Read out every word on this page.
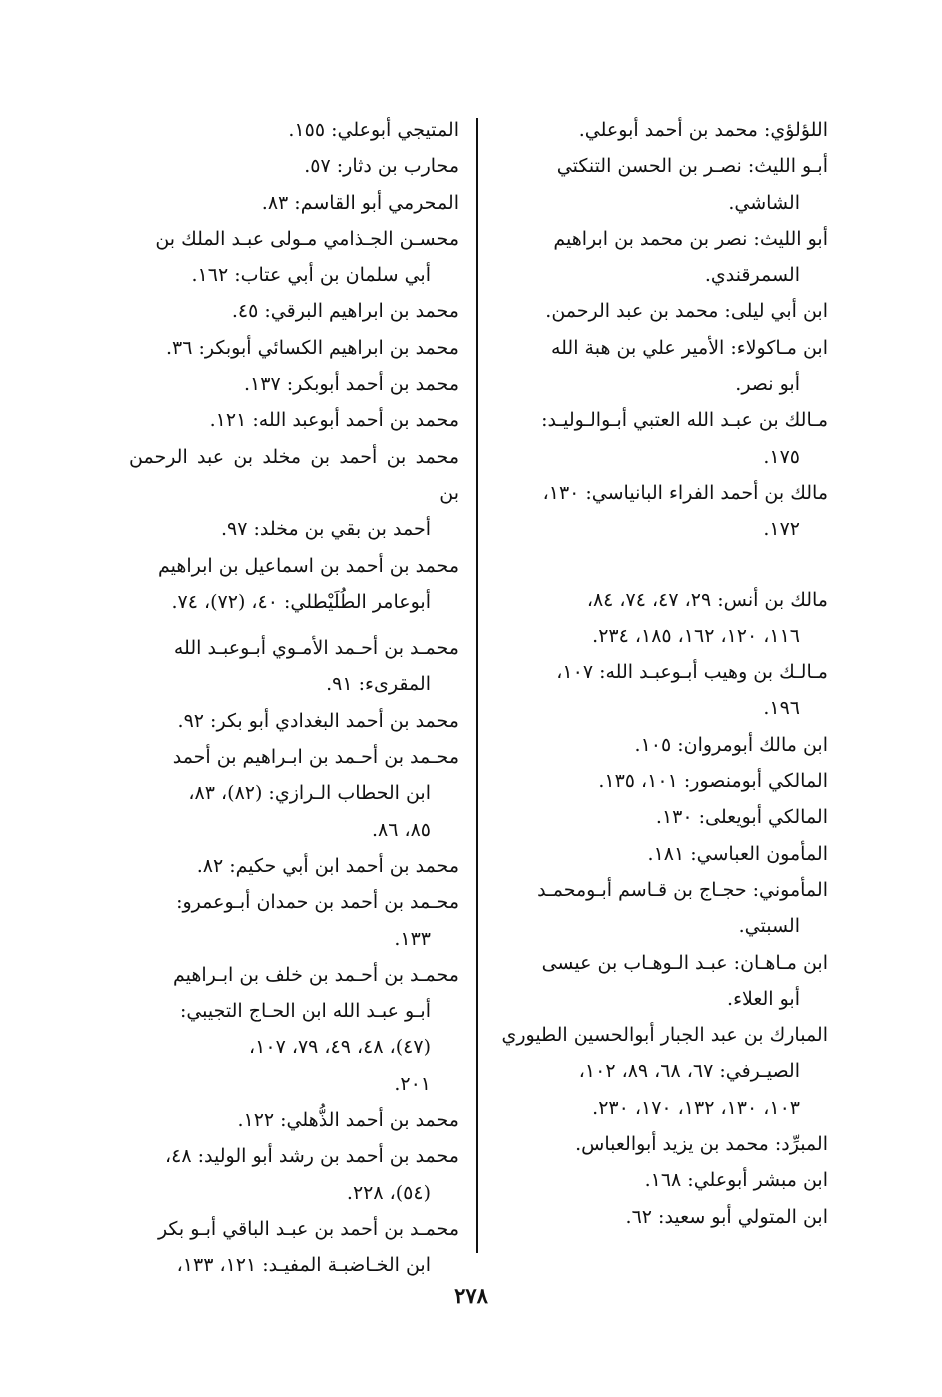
اللؤلؤي: محمد بن أحمد أبوعلي.
أبـو الليث: نصـر بن الحسن التنكتي
الشاشي.
أبو الليث: نصر بن محمد بن ابراهيم
السمرقندي.
ابن أبي ليلى: محمد بن عبد الرحمن.
ابن مـاكولاء: الأمير علي بن هبة الله
أبو نصر.
مـالك بن عبـد الله العتبي أبـوالـوليـد:
١٧٥.
مالك بن أحمد الفراء البانياسي: ١٣٠،
١٧٢.
مالك بن أنس: ٢٩، ٤٧، ٧٤، ٨٤،
١١٦، ١٢٠، ١٦٢، ١٨٥، ٢٣٤.
مـالـك بن وهيب أبـوعبـد الله: ١٠٧،
١٩٦.
ابن مالك أبومروان: ١٠٥.
المالكي أبومنصور: ١٠١، ١٣٥.
المالكي أبويعلى: ١٣٠.
المأمون العباسي: ١٨١.
المأموني: حجـاج بن قـاسم أبـومحمـد
السبتي.
ابن مـاهـان: عبـد الـوهـاب بن عيسى
أبو العلاء.
المبارك بن عبد الجبار أبوالحسين الطيوري
الصيـرفي: ٦٧، ٦٨، ٨٩، ١٠٢،
١٠٣، ١٣٠، ١٣٢، ١٧٠، ٢٣٠.
المبرِّد: محمد بن يزيد أبوالعباس.
ابن مبشر أبوعلي: ١٦٨.
ابن المتولي أبو سعيد: ٦٢.
المتيجي أبوعلي: ١٥٥.
محارب بن دثار: ٥٧.
المحرمي أبو القاسم: ٨٣.
محسـن الجـذامي مـولى عبـد الملك بن
أبي سلمان بن أبي عتاب: ١٦٢.
محمد بن ابراهيم البرقي: ٤٥.
محمد بن ابراهيم الكسائي أبوبكر: ٣٦.
محمد بن أحمد أبوبكر: ١٣٧.
محمد بن أحمد أبوعبد الله: ١٢١.
محمد بن أحمد بن مخلد بن عبد الرحمن بن
أحمد بن بقي بن مخلد: ٩٧.
محمد بن أحمد بن اسماعيل بن ابراهيم
أبوعامر الطُلَيْطلي: ٤٠، (٧٢)، ٧٤.
محمـد بن أحـمد الأمـوي أبـوعبـد الله
المقرىء: ٩١.
محمد بن أحمد البغدادي أبو بكر: ٩٢.
محـمد بن أحـمد بن ابـراهيم بن أحمد
ابن الحطاب الـرازي: (٨٢)، ٨٣،
٨٥، ٨٦.
محمد بن أحمد ابن أبي حكيم: ٨٢.
محـمد بن أحمد بن حمدان أبـوعمرو:
١٣٣.
محمـد بن أحـمد بن خلف بن ابـراهيم
أبـو عبـد الله ابن الحـاج التجيبي:
(٤٧)، ٤٨، ٤٩، ٧٩، ١٠٧،
٢٠١.
محمد بن أحمد الذُّهلي: ١٢٢.
محمد بن أحمد بن رشد أبو الوليد: ٤٨،
(٥٤)، ٢٢٨.
محمـد بن أحمد بن عبـد الباقي أبـو بكر
ابن الخـاضبـة المفيـد: ١٢١، ١٣٣،
٢٧٨
